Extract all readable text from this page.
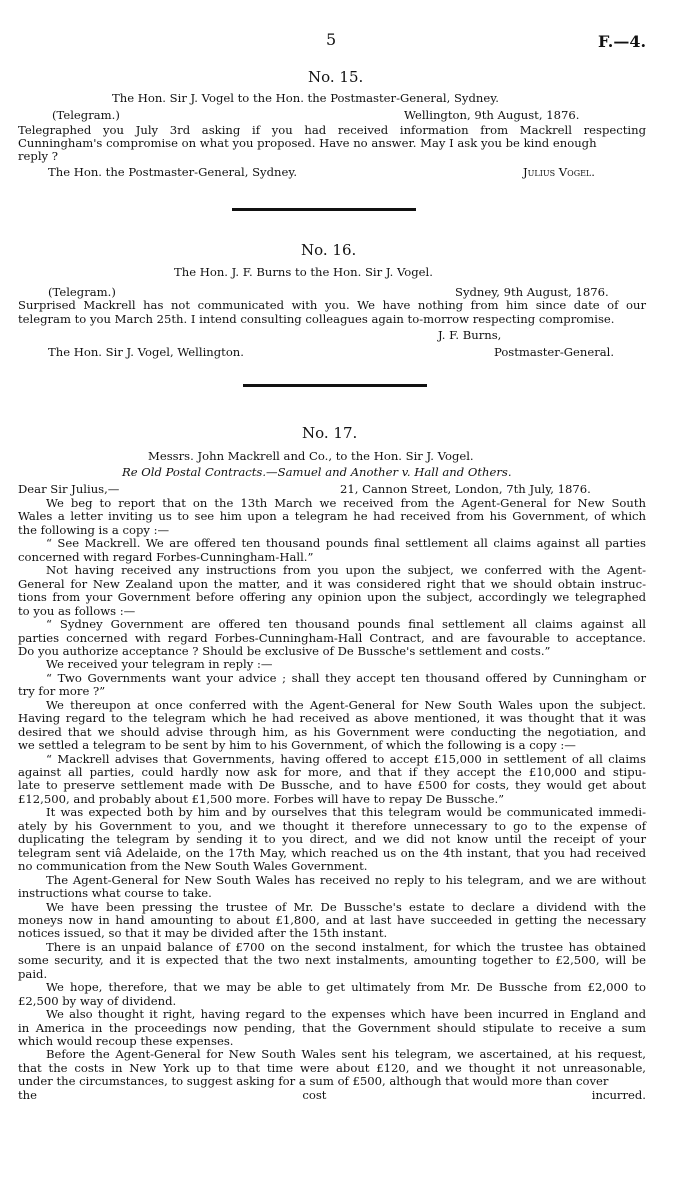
5	F.—4.
No. 15.
The Hon. Sir J. Vogel to the Hon. the Postmaster-General, Sydney.
(Telegram.)	Wellington, 9th August, 1876.
Telegraphed you July 3rd asking if you had received information from Mackrell respecting
Cunningham's compromise on what you proposed. Have no answer. May I ask you be kind enough
reply ?
The Hon. the Postmaster-General, Sydney.	Julius Vogel.
No. 16.
The Hon. J. F. Burns to the Hon. Sir J. Vogel.
(Telegram.)	Sydney, 9th August, 1876.
Surprised Mackrell has not communicated with you. We have nothing from him since date of our
telegram to you March 25th. I intend consulting colleagues again to-morrow respecting compromise.
J. F. Burns,
The Hon. Sir J. Vogel, Wellington.	Postmaster-General.
No. 17.
Messrs. John Mackrell and Co., to the Hon. Sir J. Vogel.
Re Old Postal Contracts.—Samuel and Another v. Hall and Others.
Dear Sir Julius,—	21, Cannon Street, London, 7th July, 1876.
We beg to report that on the 13th March we received from the Agent-General for New South
Wales a letter inviting us to see him upon a telegram he had received from his Government, of which
the following is a copy :—
“ See Mackrell. We are offered ten thousand pounds final settlement all claims against all parties
concerned with regard Forbes-Cunningham-Hall.”
Not having received any instructions from you upon the subject, we conferred with the Agent-
General for New Zealand upon the matter, and it was considered right that we should obtain instruc-
tions from your Government before offering any opinion upon the subject, accordingly we telegraphed
to you as follows :—
“ Sydney Government are offered ten thousand pounds final settlement all claims against all
parties concerned with regard Forbes-Cunningham-Hall Contract, and are favourable to acceptance.
Do you authorize acceptance ? Should be exclusive of De Bussche's settlement and costs.”
We received your telegram in reply :—
“ Two Governments want your advice ; shall they accept ten thousand offered by Cunningham or
try for more ?”
We thereupon at once conferred with the Agent-General for New South Wales upon the subject.
Having regard to the telegram which he had received as above mentioned, it was thought that it was
desired that we should advise through him, as his Government were conducting the negotiation, and
we settled a telegram to be sent by him to his Government, of which the following is a copy :—
“ Mackrell advises that Governments, having offered to accept £15,000 in settlement of all claims
against all parties, could hardly now ask for more, and that if they accept the £10,000 and stipu-
late to preserve settlement made with De Bussche, and to have £500 for costs, they would get about
£12,500, and probably about £1,500 more. Forbes will have to repay De Bussche.”
It was expected both by him and by ourselves that this telegram would be communicated immedi-
ately by his Government to you, and we thought it therefore unnecessary to go to the expense of
duplicating the telegram by sending it to you direct, and we did not know until the receipt of your
telegram sent viâ Adelaide, on the 17th May, which reached us on the 4th instant, that you had received
no communication from the New South Wales Government.
The Agent-General for New South Wales has received no reply to his telegram, and we are without
instructions what course to take.
We have been pressing the trustee of Mr. De Bussche's estate to declare a dividend with the
moneys now in hand amounting to about £1,800, and at last have succeeded in getting the necessary
notices issued, so that it may be divided after the 15th instant.
There is an unpaid balance of £700 on the second instalment, for which the trustee has obtained
some security, and it is expected that the two next instalments, amounting together to £2,500, will be
paid.
We hope, therefore, that we may be able to get ultimately from Mr. De Bussche from £2,000 to
£2,500 by way of dividend.
We also thought it right, having regard to the expenses which have been incurred in England and
in America in the proceedings now pending, that the Government should stipulate to receive a sum
which would recoup these expenses.
Before the Agent-General for New South Wales sent his telegram, we ascertained, at his request,
that the costs in New York up to that time were about £120, and we thought it not unreasonable,
under the circumstances, to suggest asking for a sum of £500, although that would more than cover
the cost incurred.
